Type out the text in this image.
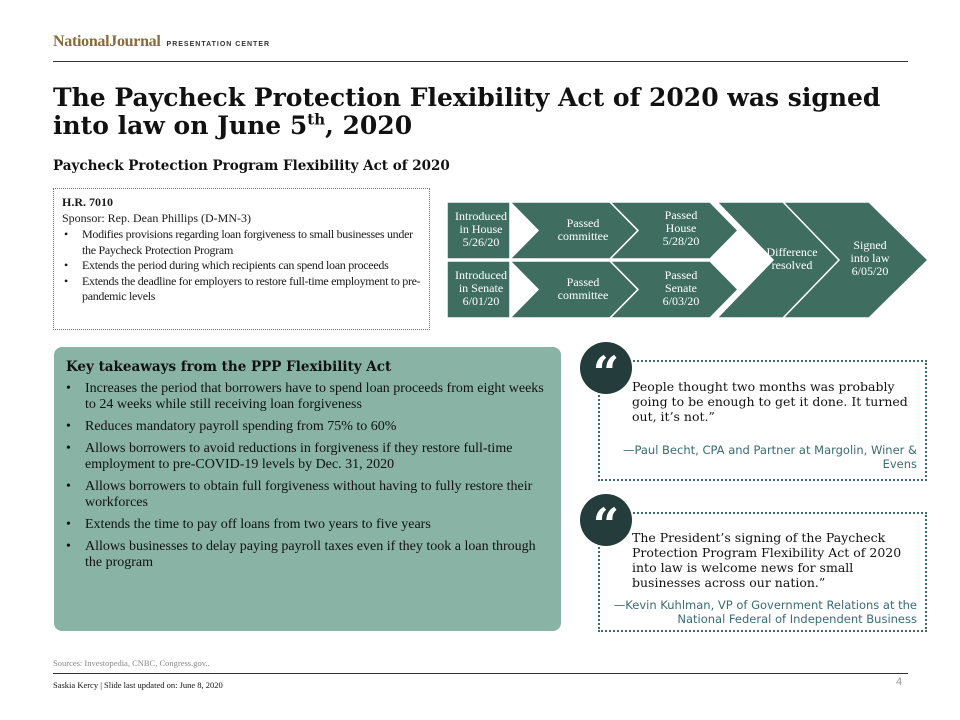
NationalJournal PRESENTATION CENTER
The Paycheck Protection Flexibility Act of 2020 was signed into law on June 5th, 2020
Paycheck Protection Program Flexibility Act of 2020
H.R. 7010
Sponsor: Rep. Dean Phillips (D-MN-3)
• Modifies provisions regarding loan forgiveness to small businesses under the Paycheck Protection Program
• Extends the period during which recipients can spend loan proceeds
• Extends the deadline for employers to restore full-time employment to pre-pandemic levels
Introduced
in House
5/26/20
Passed
committee
Passed
House
5/28/20
Introduced
in Senate
6/01/20
Passed
committee
Passed
Senate
6/03/20
Difference
resolved
Signed
into law
6/05/20
Key takeaways from the PPP Flexibility Act
• Increases the period that borrowers have to spend loan proceeds from eight weeks to 24 weeks while still receiving loan forgiveness
• Reduces mandatory payroll spending from 75% to 60%
• Allows borrowers to avoid reductions in forgiveness if they restore full-time employment to pre-COVID-19 levels by Dec. 31, 2020
• Allows borrowers to obtain full forgiveness without having to fully restore their workforces
• Extends the time to pay off loans from two years to five years
• Allows businesses to delay paying payroll taxes even if they took a loan through the program
People thought two months was probably going to be enough to get it done. It turned out, it’s not.”
—Paul Becht, CPA and Partner at Margolin, Winer & Evens
“
The President’s signing of the Paycheck Protection Program Flexibility Act of 2020 into law is welcome news for small businesses across our nation.”
—Kevin Kuhlman, VP of Government Relations at the National Federal of Independent Business
“
Sources: Investopedia, CNBC, Congress.gov..
Saskia Kercy | Slide last updated on: June 8, 2020	4
